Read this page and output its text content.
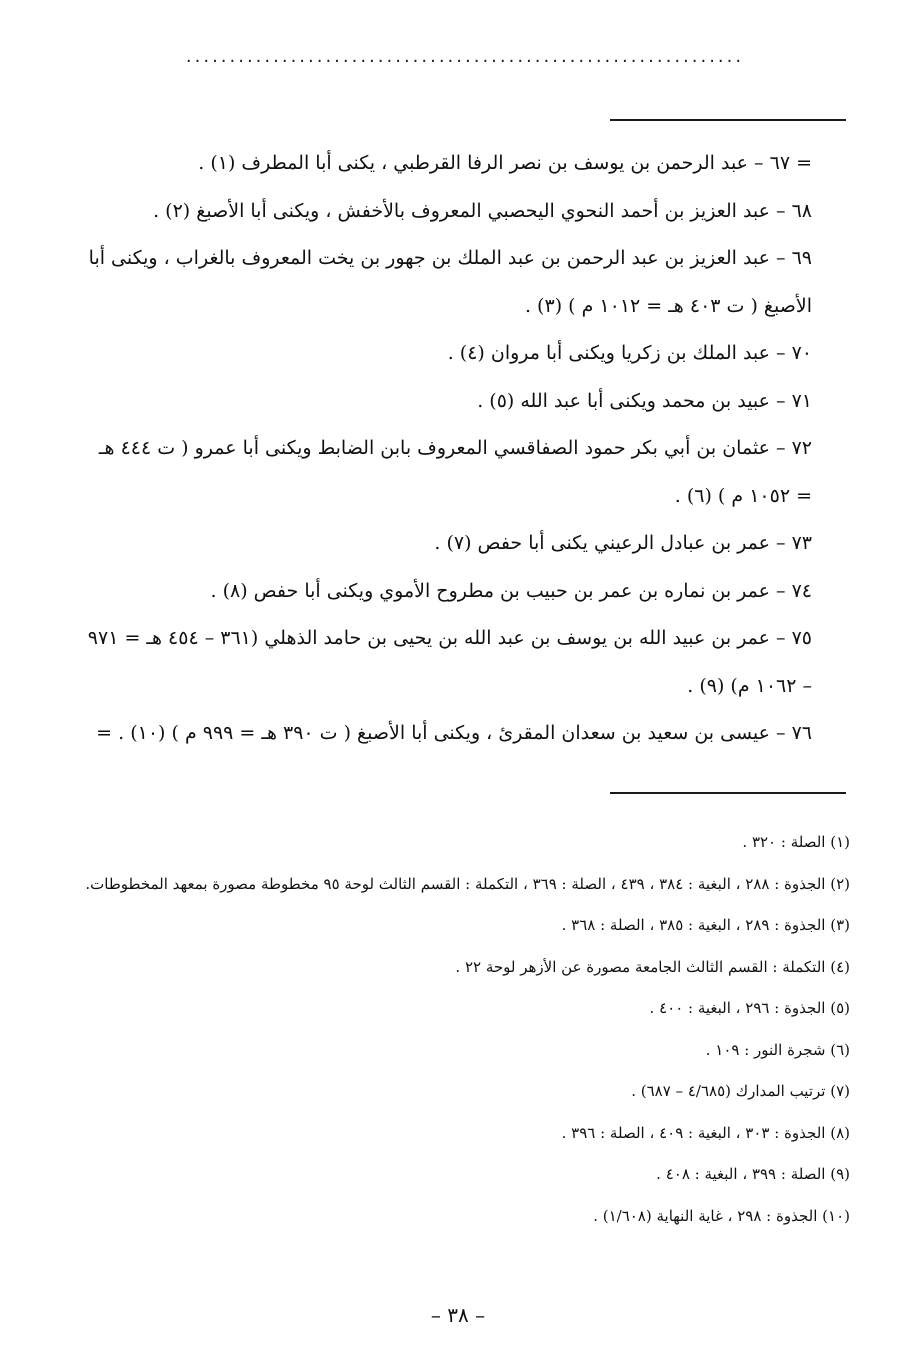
................................................................

= ٦٧ – عبد الرحمن بن يوسف بن نصر الرفا القرطبي ، يكنى أبا المطرف (١) .

٦٨ – عبد العزيز بن أحمد النحوي اليحصبي المعروف بالأخفش ، ويكنى أبا الأصبغ (٢) .

٦٩ – عبد العزيز بن عبد الرحمن بن عبد الملك بن جهور بن يخت المعروف بالغراب ، ويكنى أبا الأصبغ ( ت ٤٠٣ هـ = ١٠١٢ م ) (٣) .

٧٠ – عبد الملك بن زكريا ويكنى أبا مروان (٤) .

٧١ – عبيد بن محمد ويكنى أبا عبد الله (٥) .

٧٢ – عثمان بن أبي بكر حمود الصفاقسي المعروف بابن الضابط ويكنى أبا عمرو ( ت ٤٤٤ هـ = ١٠٥٢ م ) (٦) .

٧٣ – عمر بن عبادل الرعيني يكنى أبا حفص (٧) .

٧٤ – عمر بن نماره بن عمر بن حبيب بن مطروح الأموي ويكنى أبا حفص (٨) .

٧٥ – عمر بن عبيد الله بن يوسف بن عبد الله بن يحيى بن حامد الذهلي (٣٦١ – ٤٥٤ هـ = ٩٧١ – ١٠٦٢ م) (٩) .

٧٦ – عيسى بن سعيد بن سعدان المقرئ ، ويكنى أبا الأصبغ ( ت ٣٩٠ هـ = ٩٩٩ م ) (١٠) . =

(١) الصلة : ٣٢٠ .

(٢) الجذوة : ٢٨٨ ، البغية : ٣٨٤ ، ٤٣٩ ، الصلة : ٣٦٩ ، التكملة : القسم الثالث لوحة ٩٥ مخطوطة مصورة بمعهد المخطوطات.

(٣) الجذوة : ٢٨٩ ، البغية : ٣٨٥ ، الصلة : ٣٦٨ .

(٤) التكملة : القسم الثالث الجامعة مصورة عن الأزهر لوحة ٢٢ .

(٥) الجذوة : ٢٩٦ ، البغية : ٤٠٠ .

(٦) شجرة النور : ١٠٩ .

(٧) ترتيب المدارك (٤/٦٨٥ – ٦٨٧) .

(٨) الجذوة : ٣٠٣ ، البغية : ٤٠٩ ، الصلة : ٣٩٦ .

(٩) الصلة : ٣٩٩ ، البغية : ٤٠٨ .

(١٠) الجذوة : ٢٩٨ ، غاية النهاية (١/٦٠٨) .

– ٣٨ –
